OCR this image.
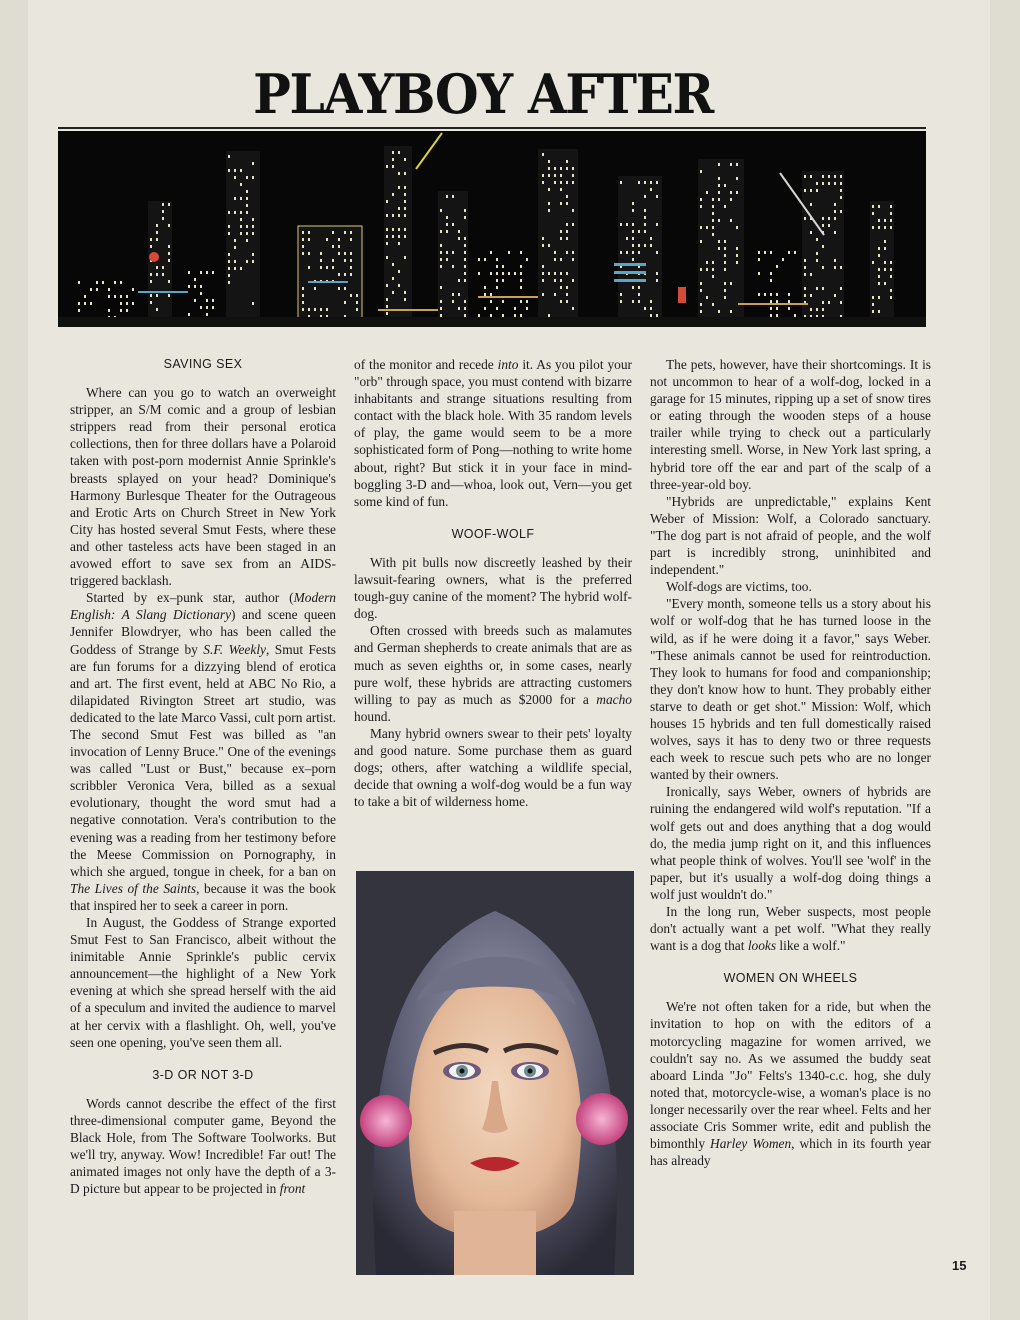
PLAYBOY AFTER
SAVING SEX

Where can you go to watch an overweight stripper, an S/M comic and a group of lesbian strippers read from their personal erotica collections, then for three dollars have a Polaroid taken with post-porn modernist Annie Sprinkle's breasts splayed on your head? Dominique's Harmony Burlesque Theater for the Outrageous and Erotic Arts on Church Street in New York City has hosted several Smut Fests, where these and other tasteless acts have been staged in an avowed effort to save sex from an AIDS-triggered backlash.

Started by ex–punk star, author (Modern English: A Slang Dictionary) and scene queen Jennifer Blowdryer, who has been called the Goddess of Strange by S.F. Weekly, Smut Fests are fun forums for a dizzying blend of erotica and art. The first event, held at ABC No Rio, a dilapidated Rivington Street art studio, was dedicated to the late Marco Vassi, cult porn artist. The second Smut Fest was billed as "an invocation of Lenny Bruce." One of the evenings was called "Lust or Bust," because ex–porn scribbler Veronica Vera, billed as a sexual evolutionary, thought the word smut had a negative connotation. Vera's contribution to the evening was a reading from her testimony before the Meese Commission on Pornography, in which she argued, tongue in cheek, for a ban on The Lives of the Saints, because it was the book that inspired her to seek a career in porn.

In August, the Goddess of Strange exported Smut Fest to San Francisco, albeit without the inimitable Annie Sprinkle's public cervix announcement—the highlight of a New York evening at which she spread herself with the aid of a speculum and invited the audience to marvel at her cervix with a flashlight. Oh, well, you've seen one opening, you've seen them all.

3-D OR NOT 3-D

Words cannot describe the effect of the first three-dimensional computer game, Beyond the Black Hole, from The Software Toolworks. But we'll try, anyway. Wow! Incredible! Far out! The animated images not only have the depth of a 3-D picture but appear to be projected in front

of the monitor and recede into it. As you pilot your "orb" through space, you must contend with bizarre inhabitants and strange situations resulting from contact with the black hole. With 35 random levels of play, the game would seem to be a more sophisticated form of Pong—nothing to write home about, right? But stick it in your face in mind-boggling 3-D and—whoa, look out, Vern—you get some kind of fun.

WOOF-WOLF

With pit bulls now discreetly leashed by their lawsuit-fearing owners, what is the preferred tough-guy canine of the moment? The hybrid wolf-dog.

Often crossed with breeds such as malamutes and German shepherds to create animals that are as much as seven eighths or, in some cases, nearly pure wolf, these hybrids are attracting customers willing to pay as much as $2000 for a macho hound.

Many hybrid owners swear to their pets' loyalty and good nature. Some purchase them as guard dogs; others, after watching a wildlife special, decide that owning a wolf-dog would be a fun way to take a bit of wilderness home.

The pets, however, have their shortcomings. It is not uncommon to hear of a wolf-dog, locked in a garage for 15 minutes, ripping up a set of snow tires or eating through the wooden steps of a house trailer while trying to check out a particularly interesting smell. Worse, in New York last spring, a hybrid tore off the ear and part of the scalp of a three-year-old boy.

"Hybrids are unpredictable," explains Kent Weber of Mission: Wolf, a Colorado sanctuary. "The dog part is not afraid of people, and the wolf part is incredibly strong, uninhibited and independent."

Wolf-dogs are victims, too.

"Every month, someone tells us a story about his wolf or wolf-dog that he has turned loose in the wild, as if he were doing it a favor," says Weber. "These animals cannot be used for reintroduction. They look to humans for food and companionship; they don't know how to hunt. They probably either starve to death or get shot." Mission: Wolf, which houses 15 hybrids and ten full domestically raised wolves, says it has to deny two or three requests each week to rescue such pets who are no longer wanted by their owners.

Ironically, says Weber, owners of hybrids are ruining the endangered wild wolf's reputation. "If a wolf gets out and does anything that a dog would do, the media jump right on it, and this influences what people think of wolves. You'll see 'wolf' in the paper, but it's usually a wolf-dog doing things a wolf just wouldn't do."

In the long run, Weber suspects, most people don't actually want a pet wolf. "What they really want is a dog that looks like a wolf."

WOMEN ON WHEELS

We're not often taken for a ride, but when the invitation to hop on with the editors of a motorcycling magazine for women arrived, we couldn't say no. As we assumed the buddy seat aboard Linda "Jo" Felts's 1340-c.c. hog, she duly noted that, motorcycle-wise, a woman's place is no longer necessarily over the rear wheel. Felts and her associate Cris Sommer write, edit and publish the bimonthly Harley Women, which in its fourth year has already

15
